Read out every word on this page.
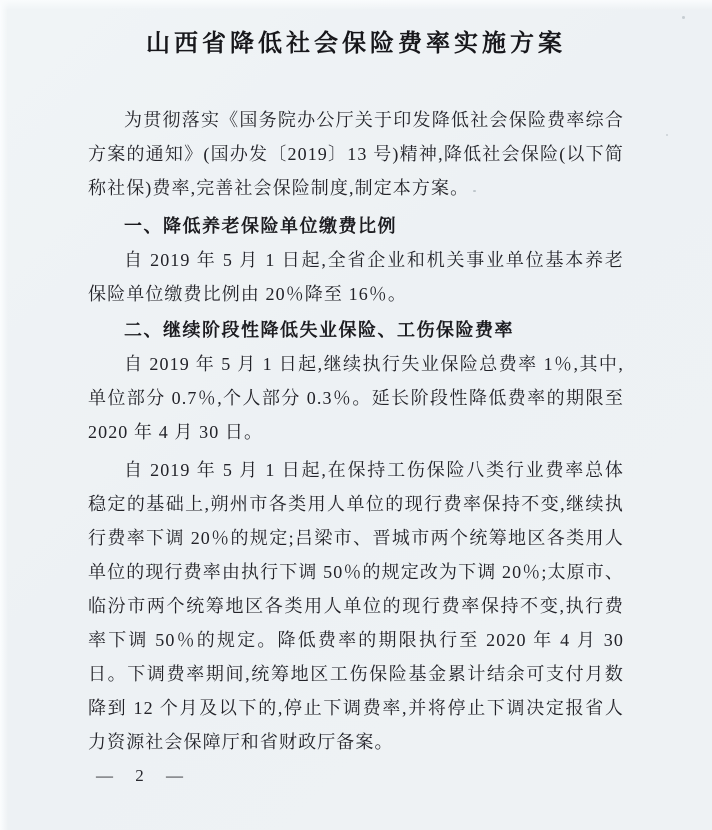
山西省降低社会保险费率实施方案

为贯彻落实《国务院办公厅关于印发降低社会保险费率综合方案的通知》(国办发〔2019〕13 号)精神,降低社会保险(以下简称社保)费率,完善社会保险制度,制定本方案。

一、降低养老保险单位缴费比例

自 2019 年 5 月 1 日起,全省企业和机关事业单位基本养老保险单位缴费比例由 20％降至 16％。

二、继续阶段性降低失业保险、工伤保险费率

自 2019 年 5 月 1 日起,继续执行失业保险总费率 1％,其中,单位部分 0.7％,个人部分 0.3％。延长阶段性降低费率的期限至 2020 年 4 月 30 日。

自 2019 年 5 月 1 日起,在保持工伤保险八类行业费率总体稳定的基础上,朔州市各类用人单位的现行费率保持不变,继续执行费率下调 20％的规定;吕梁市、晋城市两个统筹地区各类用人单位的现行费率由执行下调 50％的规定改为下调 20％;太原市、临汾市两个统筹地区各类用人单位的现行费率保持不变,执行费率下调 50％的规定。降低费率的期限执行至 2020 年 4 月 30 日。下调费率期间,统筹地区工伤保险基金累计结余可支付月数降到 12 个月及以下的,停止下调费率,并将停止下调决定报省人力资源社会保障厅和省财政厅备案。

— 2 —
